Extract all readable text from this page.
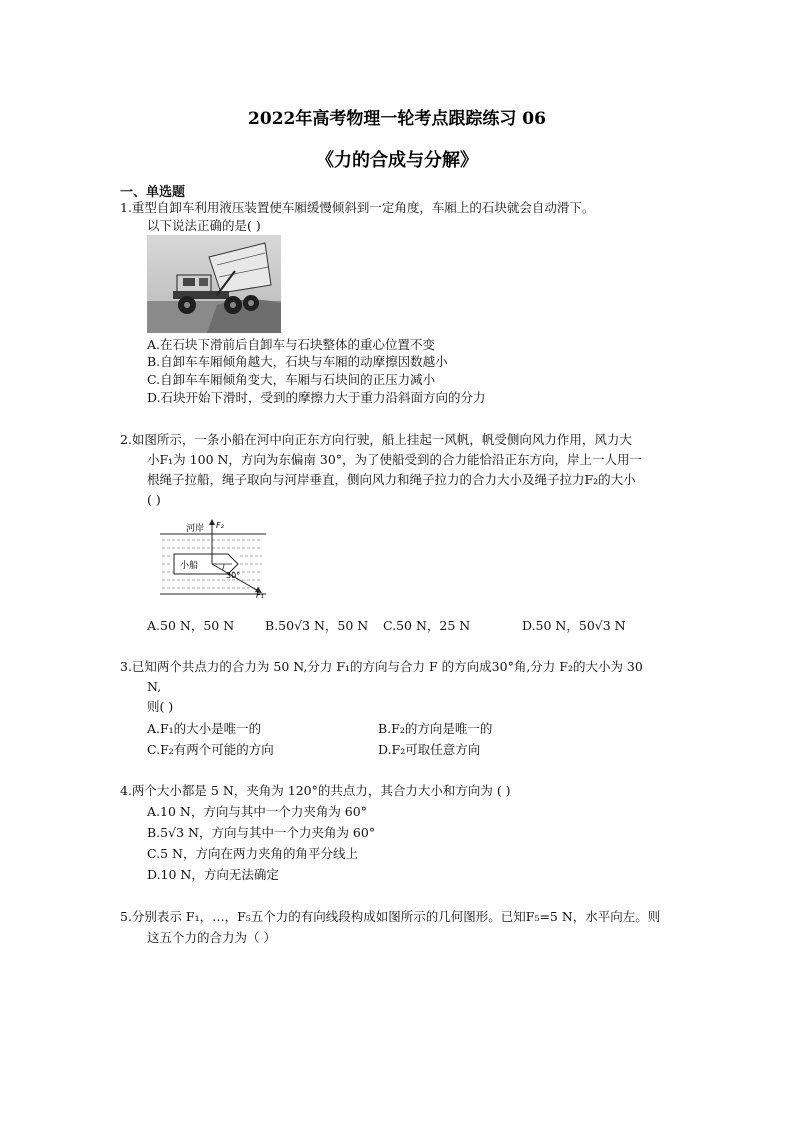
2022年高考物理一轮考点跟踪练习 06
《力的合成与分解》
一、单选题
1.重型自卸车利用液压装置使车厢缓慢倾斜到一定角度，车厢上的石块就会自动滑下。
以下说法正确的是( )
A.在石块下滑前后自卸车与石块整体的重心位置不变
B.自卸车车厢倾角越大，石块与车厢的动摩擦因数越小
C.自卸车车厢倾角变大，车厢与石块间的正压力减小
D.石块开始下滑时，受到的摩擦力大于重力沿斜面方向的分力
2.如图所示，一条小船在河中向正东方向行驶，船上挂起一风帆，帆受侧向风力作用，风力大
小F₁为 100 N，方向为东偏南 30°，为了使船受到的合力能恰沿正东方向，岸上一人用一
根绳子拉船，绳子取向与河岸垂直，侧向风力和绳子拉力的合力大小及绳子拉力F₂的大小
( )
小船
F₂
河岸
F₁
30°
A.50 N，50 N B.50√3 N，50 N C.50 N，25 N	D.50 N，50√3 N
3.已知两个共点力的合力为 50 N,分力 F₁的方向与合力 F 的方向成30°角,分力 F₂的大小为 30
N,
则( )
A.F₁的大小是唯一的	B.F₂的方向是唯一的
C.F₂有两个可能的方向	D.F₂可取任意方向
4.两个大小都是 5 N，夹角为 120°的共点力，其合力大小和方向为 ( )
A.10 N，方向与其中一个力夹角为 60°
B.5√3 N，方向与其中一个力夹角为 60°
C.5 N，方向在两力夹角的角平分线上
D.10 N，方向无法确定
5.分别表示 F₁，…，F₅五个力的有向线段构成如图所示的几何图形。已知F₅=5 N，水平向左。则
这五个力的合力为（ ）
